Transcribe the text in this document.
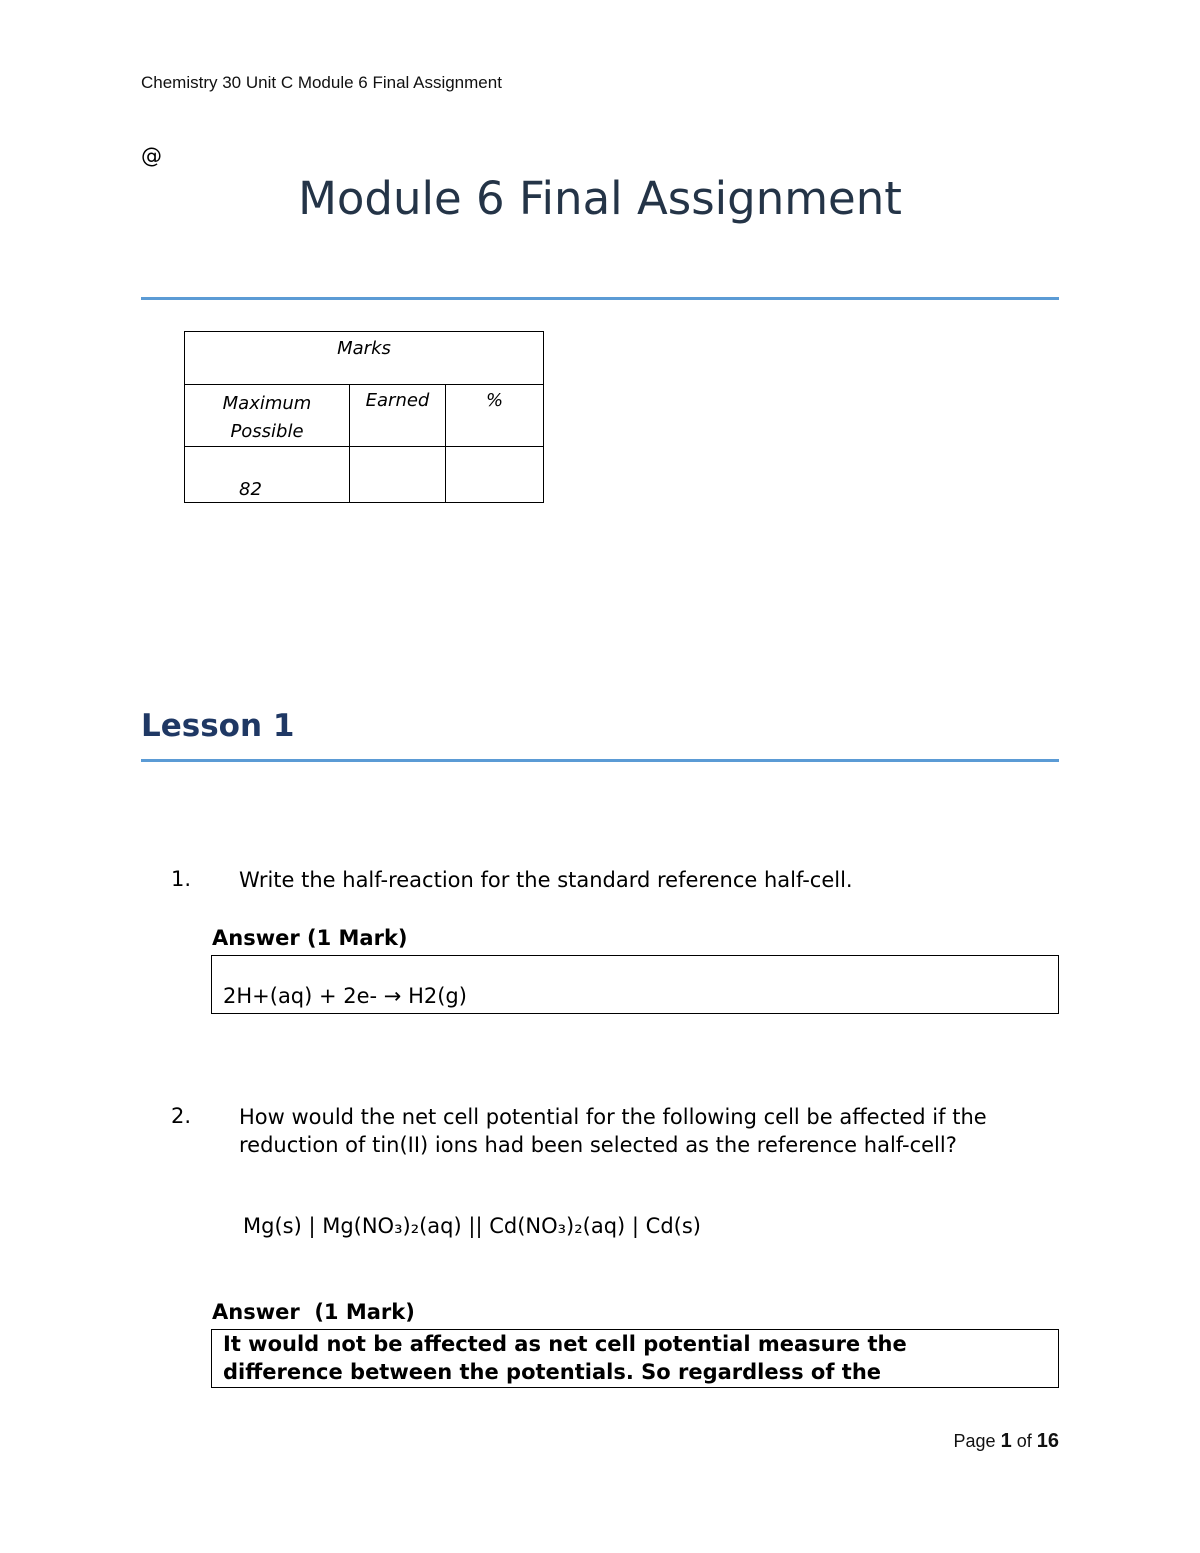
Chemistry 30 Unit C Module 6 Final Assignment
@
Module 6 Final Assignment
Marks		

Maximum Possible	Earned	%
82		
Lesson 1
1. Write the half-reaction for the standard reference half-cell.
Answer (1 Mark)
2H+(aq) + 2e- → H2(g)
2. How would the net cell potential for the following cell be affected if the reduction of tin(II) ions had been selected as the reference half-cell?
Mg(s) | Mg(NO₃)₂(aq) || Cd(NO₃)₂(aq) | Cd(s)
Answer  (1 Mark)
It would not be affected as net cell potential measure the difference between the potentials. So regardless of the
Page 1 of 16
